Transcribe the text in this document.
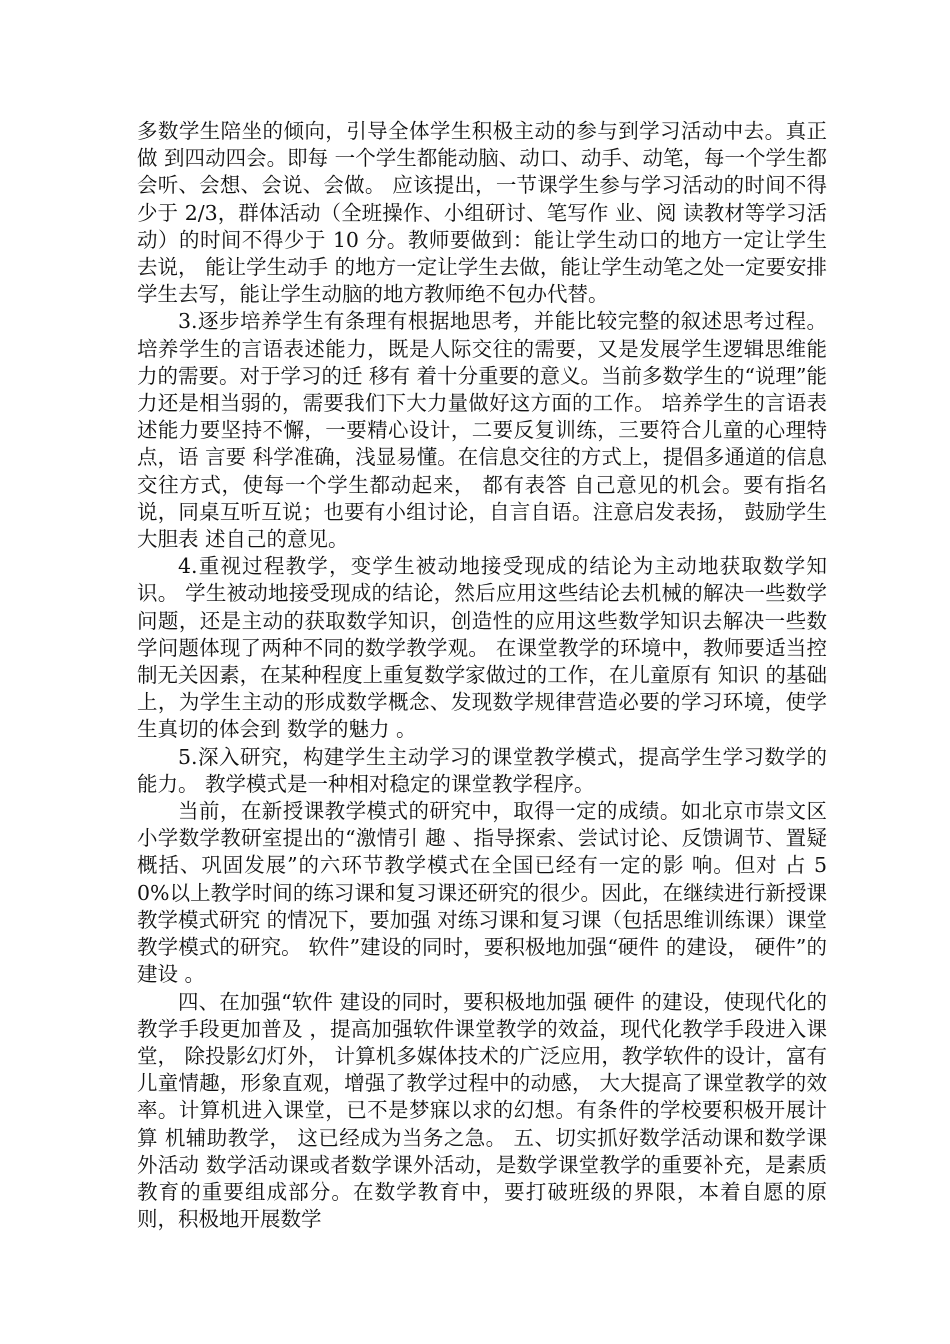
多数学生陪坐的倾向，引导全体学生积极主动的参与到学习活动中去。真正做 到四动四会。即每 一个学生都能动脑、动口、动手、动笔，每一个学生都会听、会想、会说、会做。 应该提出，一节课学生参与学习活动的时间不得少于 2/3，群体活动（全班操作、小组研讨、笔写作 业、阅 读教材等学习活动）的时间不得少于 10 分。教师要做到：能让学生动口的地方一定让学生去说， 能让学生动手 的地方一定让学生去做，能让学生动笔之处一定要安排学生去写，能让学生动脑的地方教师绝不包办代替。

3.逐步培养学生有条理有根据地思考，并能比较完整的叙述思考过程。 培养学生的言语表述能力，既是人际交往的需要，又是发展学生逻辑思维能力的需要。对于学习的迁 移有 着十分重要的意义。当前多数学生的“说理”能力还是相当弱的，需要我们下大力量做好这方面的工作。 培养学生的言语表述能力要坚持不懈，一要精心设计，二要反复训练，三要符合儿童的心理特点，语 言要 科学准确，浅显易懂。在信息交往的方式上，提倡多通道的信息交往方式，使每一个学生都动起来， 都有表答 自己意见的机会。要有指名说，同桌互听互说；也要有小组讨论，自言自语。注意启发表扬， 鼓励学生大胆表 述自己的意见。

4.重视过程教学，变学生被动地接受现成的结论为主动地获取数学知识。 学生被动地接受现成的结论，然后应用这些结论去机械的解决一些数学问题，还是主动的获取数学知识，创造性的应用这些数学知识去解决一些数学问题体现了两种不同的数学教学观。 在课堂教学的环境中，教师要适当控制无关因素，在某种程度上重复数学家做过的工作，在儿童原有 知识 的基础上，为学生主动的形成数学概念、发现数学规律营造必要的学习环境，使学生真切的体会到 数学的魅力 。

5.深入研究，构建学生主动学习的课堂教学模式，提高学生学习数学的能力。 教学模式是一种相对稳定的课堂教学程序。

当前，在新授课教学模式的研究中，取得一定的成绩。如北京市崇文区小学数学教研室提出的“激情引 趣 、指导探索、尝试讨论、反馈调节、置疑概括、巩固发展”的六环节教学模式在全国已经有一定的影 响。但对 占 50%以上教学时间的练习课和复习课还研究的很少。因此，在继续进行新授课教学模式研究 的情况下，要加强 对练习课和复习课（包括思维训练课）课堂教学模式的研究。 软件”建设的同时，要积极地加强“硬件 的建设， 硬件”的建设 。

四、在加强“软件 建设的同时，要积极地加强 硬件 的建设，使现代化的教学手段更加普及 ，提高加强软件课堂教学的效益，现代化教学手段进入课堂， 除投影幻灯外， 计算机多媒体技术的广泛应用，教学软件的设计，富有儿童情趣，形象直观，增强了教学过程中的动感， 大大提高了课堂教学的效率。计算机进入课堂，已不是梦寐以求的幻想。有条件的学校要积极开展计算 机辅助教学， 这已经成为当务之急。 五、切实抓好数学活动课和数学课外活动 数学活动课或者数学课外活动，是数学课堂教学的重要补充，是素质教育的重要组成部分。在数学教育中，要打破班级的界限，本着自愿的原则，积极地开展数学
